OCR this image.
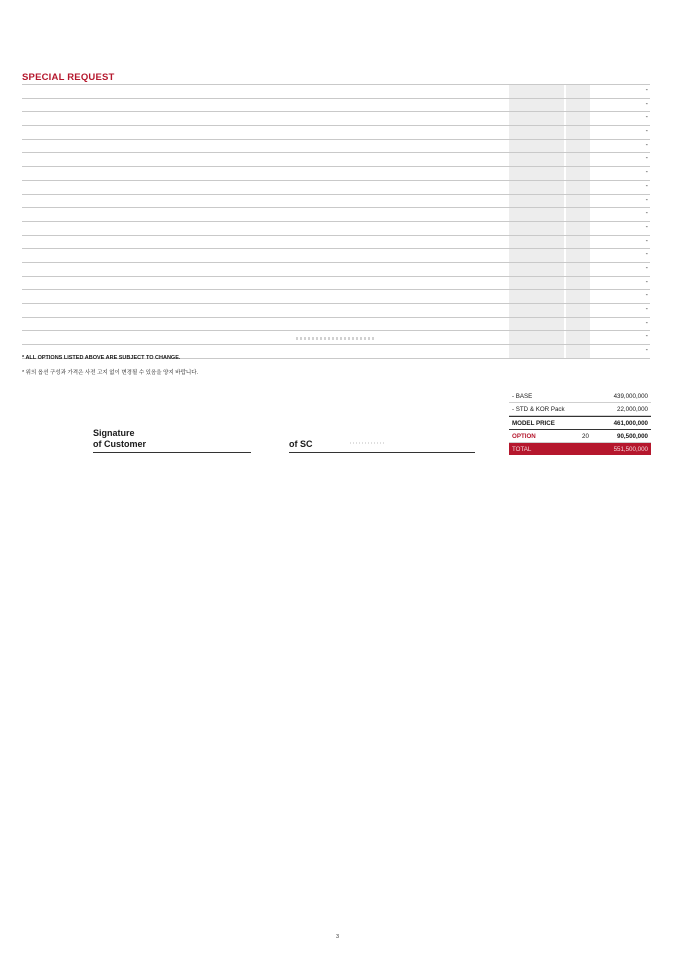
SPECIAL REQUEST
-
-
-
-
-
-
-
-
-
-
-
-
-
-
-
-
-
-
-
-
* ALL OPTIONS LISTED ABOVE ARE SUBJECT TO CHANGE.
* 위의 옵션 구성과 가격은 사전 고지 없이 변경될 수 있음을 양지 바랍니다.
- BASE	439,000,000
- STD & KOR Pack	22,000,000
MODEL PRICE	461,000,000
OPTION	20	90,500,000
TOTAL	551,500,000
Signature
of Customer	of SC
3
